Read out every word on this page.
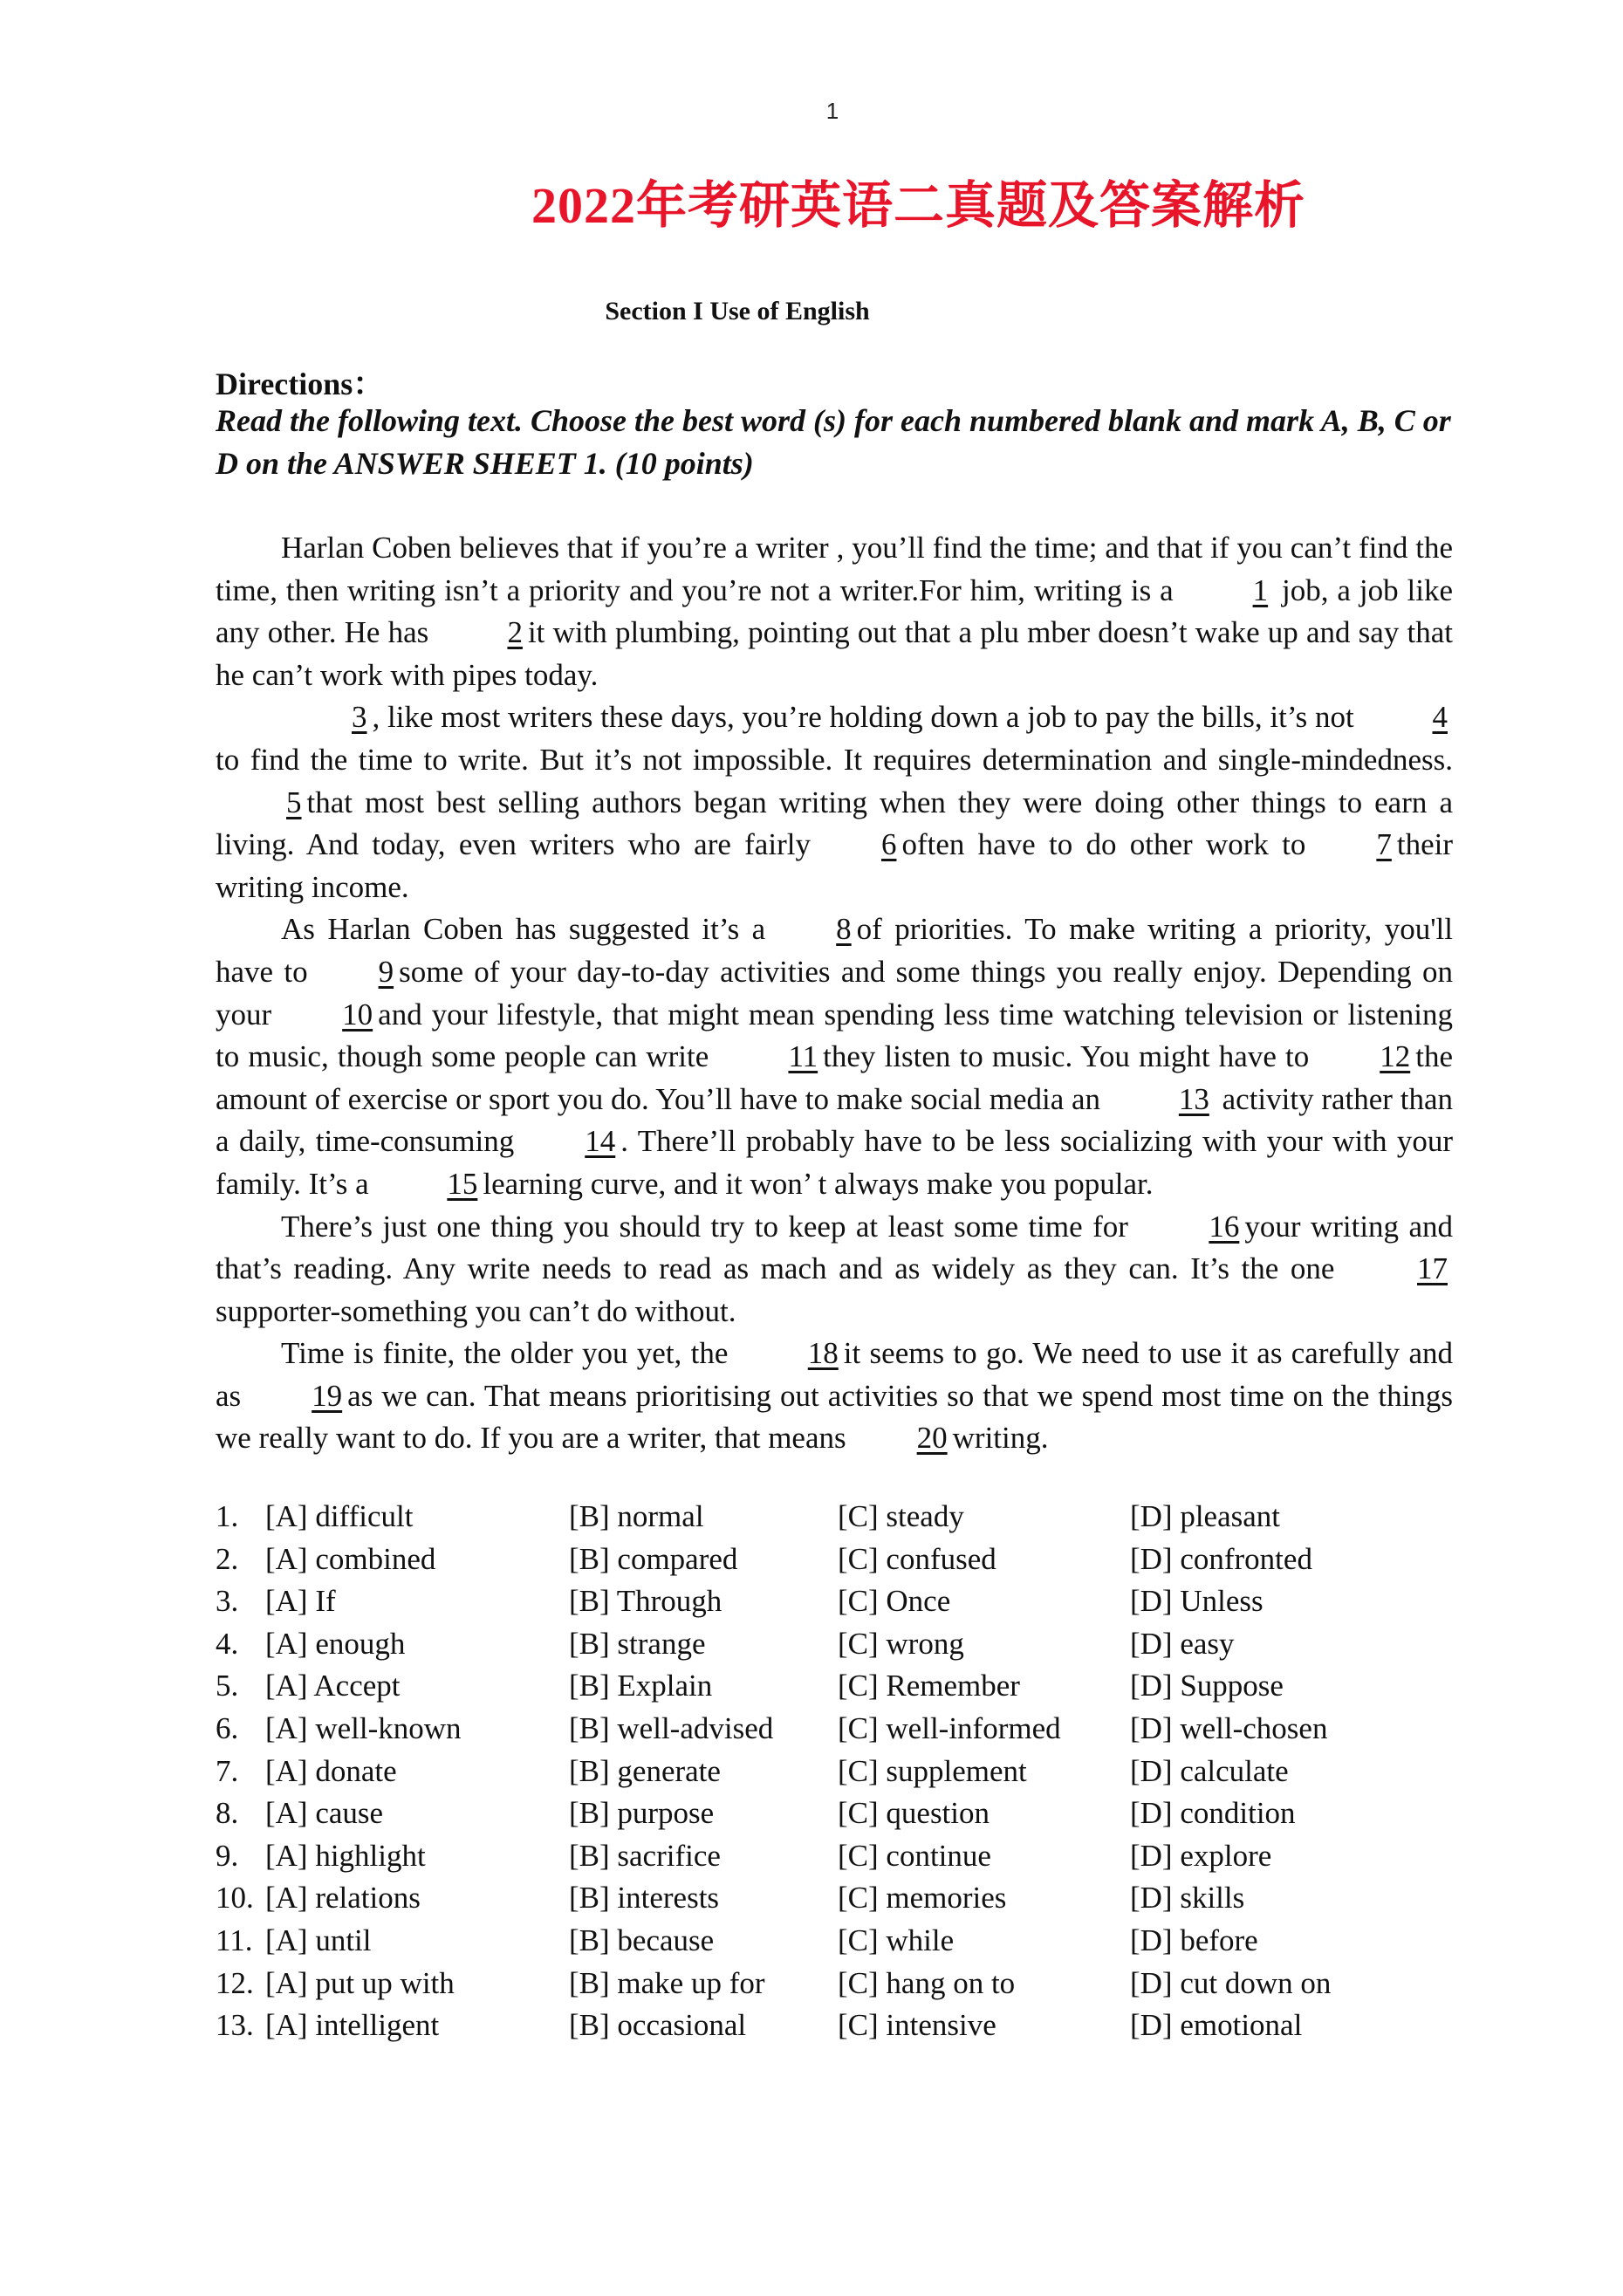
1
2022年考研英语二真题及答案解析
Section I Use of English
Directions：
Read the following text. Choose the best word (s) for each numbered blank and mark A, B, C or D on the ANSWER SHEET 1. (10 points)

Harlan Coben believes that if you’re a writer , you’ll find the time; and that if you can’t find the time, then writing isn’t a priority and you’re not a writer.For him, writing is a	1 job, a job like any other. He has	2 it with plumbing, pointing out that a plu mber doesn’t wake up and say that he can’t work with pipes today.

3 , like most writers these days, you’re holding down a job to pay the bills, it’s not	4to find the time to write. But it’s not impossible. It requires determination and single-mindedness. 5 that most best selling authors began writing when they were doing other things to earn a living. And today, even writers who are fairly 6 often have to do other work to 7 their writing income.

As Harlan Coben has suggested it’s a 8 of priorities. To make writing a priority, you'll have to 9 some of your day-to-day activities and some things you really enjoy. Depending on your 10 and your lifestyle, that might mean spending less time watching television or listening to music, though some people can write	11 they listen to music. You might have to 12 the amount of exercise or sport you do. You’ll have to make social media an	13 activity rather than a daily, time-consuming 14 . There’ll probably have to be less socializing with your with your family. It’s a	15 learning curve, and it won’ t always make you popular.

There’s just one thing you should try to keep at least some time for	16 your writing and that’s reading. Any write needs to read as mach and as widely as they can. It’s the one	17supporter-something you can’t do without.

Time is finite, the older you yet, the	18 it seems to go. We need to use it as carefully and as 19 as we can. That means prioritising out activities so that we spend most time on the things we really want to do. If you are a writer, that means 20 writing.

1. [A] difficult	[B] normal	[C] steady	[D] pleasant
2. [A] combined	[B] compared	[C] confused	[D] confronted
3. [A] If	[B] Through	[C] Once	[D] Unless
4. [A] enough	[B] strange	[C] wrong	[D] easy
5. [A] Accept	[B] Explain	[C] Remember	[D] Suppose
6. [A] well-known	[B] well-advised	[C] well-informed	[D] well-chosen
7. [A] donate	[B] generate	[C] supplement	[D] calculate
8. [A] cause	[B] purpose	[C] question	[D] condition
9. [A] highlight	[B] sacrifice	[C] continue	[D] explore
10. [A] relations	[B] interests	[C] memories	[D] skills
11. [A] until	[B] because	[C] while	[D] before
12. [A] put up with	[B] make up for	[C] hang on to	[D] cut down on
13. [A] intelligent	[B] occasional	[C] intensive	[D] emotional
